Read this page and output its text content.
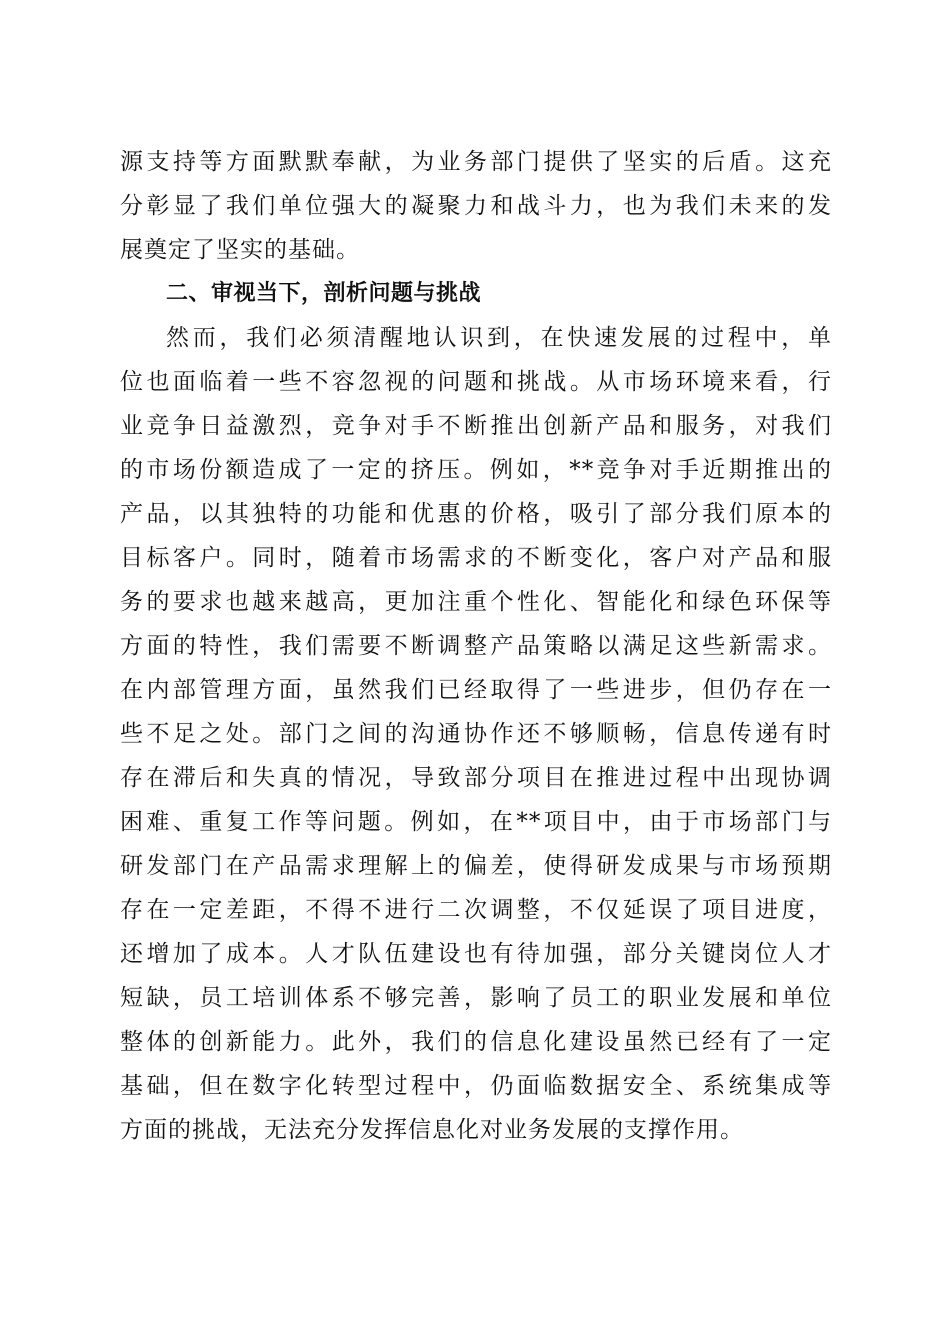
源支持等方面默默奉献，为业务部门提供了坚实的后盾。这充
分彰显了我们单位强大的凝聚力和战斗力，也为我们未来的发
展奠定了坚实的基础。
二、审视当下，剖析问题与挑战
然而，我们必须清醒地认识到，在快速发展的过程中，单
位也面临着一些不容忽视的问题和挑战。从市场环境来看，行
业竞争日益激烈，竞争对手不断推出创新产品和服务，对我们
的市场份额造成了一定的挤压。例如，**竞争对手近期推出的
产品，以其独特的功能和优惠的价格，吸引了部分我们原本的
目标客户。同时，随着市场需求的不断变化，客户对产品和服
务的要求也越来越高，更加注重个性化、智能化和绿色环保等
方面的特性，我们需要不断调整产品策略以满足这些新需求。
在内部管理方面，虽然我们已经取得了一些进步，但仍存在一
些不足之处。部门之间的沟通协作还不够顺畅，信息传递有时
存在滞后和失真的情况，导致部分项目在推进过程中出现协调
困难、重复工作等问题。例如，在**项目中，由于市场部门与
研发部门在产品需求理解上的偏差，使得研发成果与市场预期
存在一定差距，不得不进行二次调整，不仅延误了项目进度，
还增加了成本。人才队伍建设也有待加强，部分关键岗位人才
短缺，员工培训体系不够完善，影响了员工的职业发展和单位
整体的创新能力。此外，我们的信息化建设虽然已经有了一定
基础，但在数字化转型过程中，仍面临数据安全、系统集成等
方面的挑战，无法充分发挥信息化对业务发展的支撑作用。
